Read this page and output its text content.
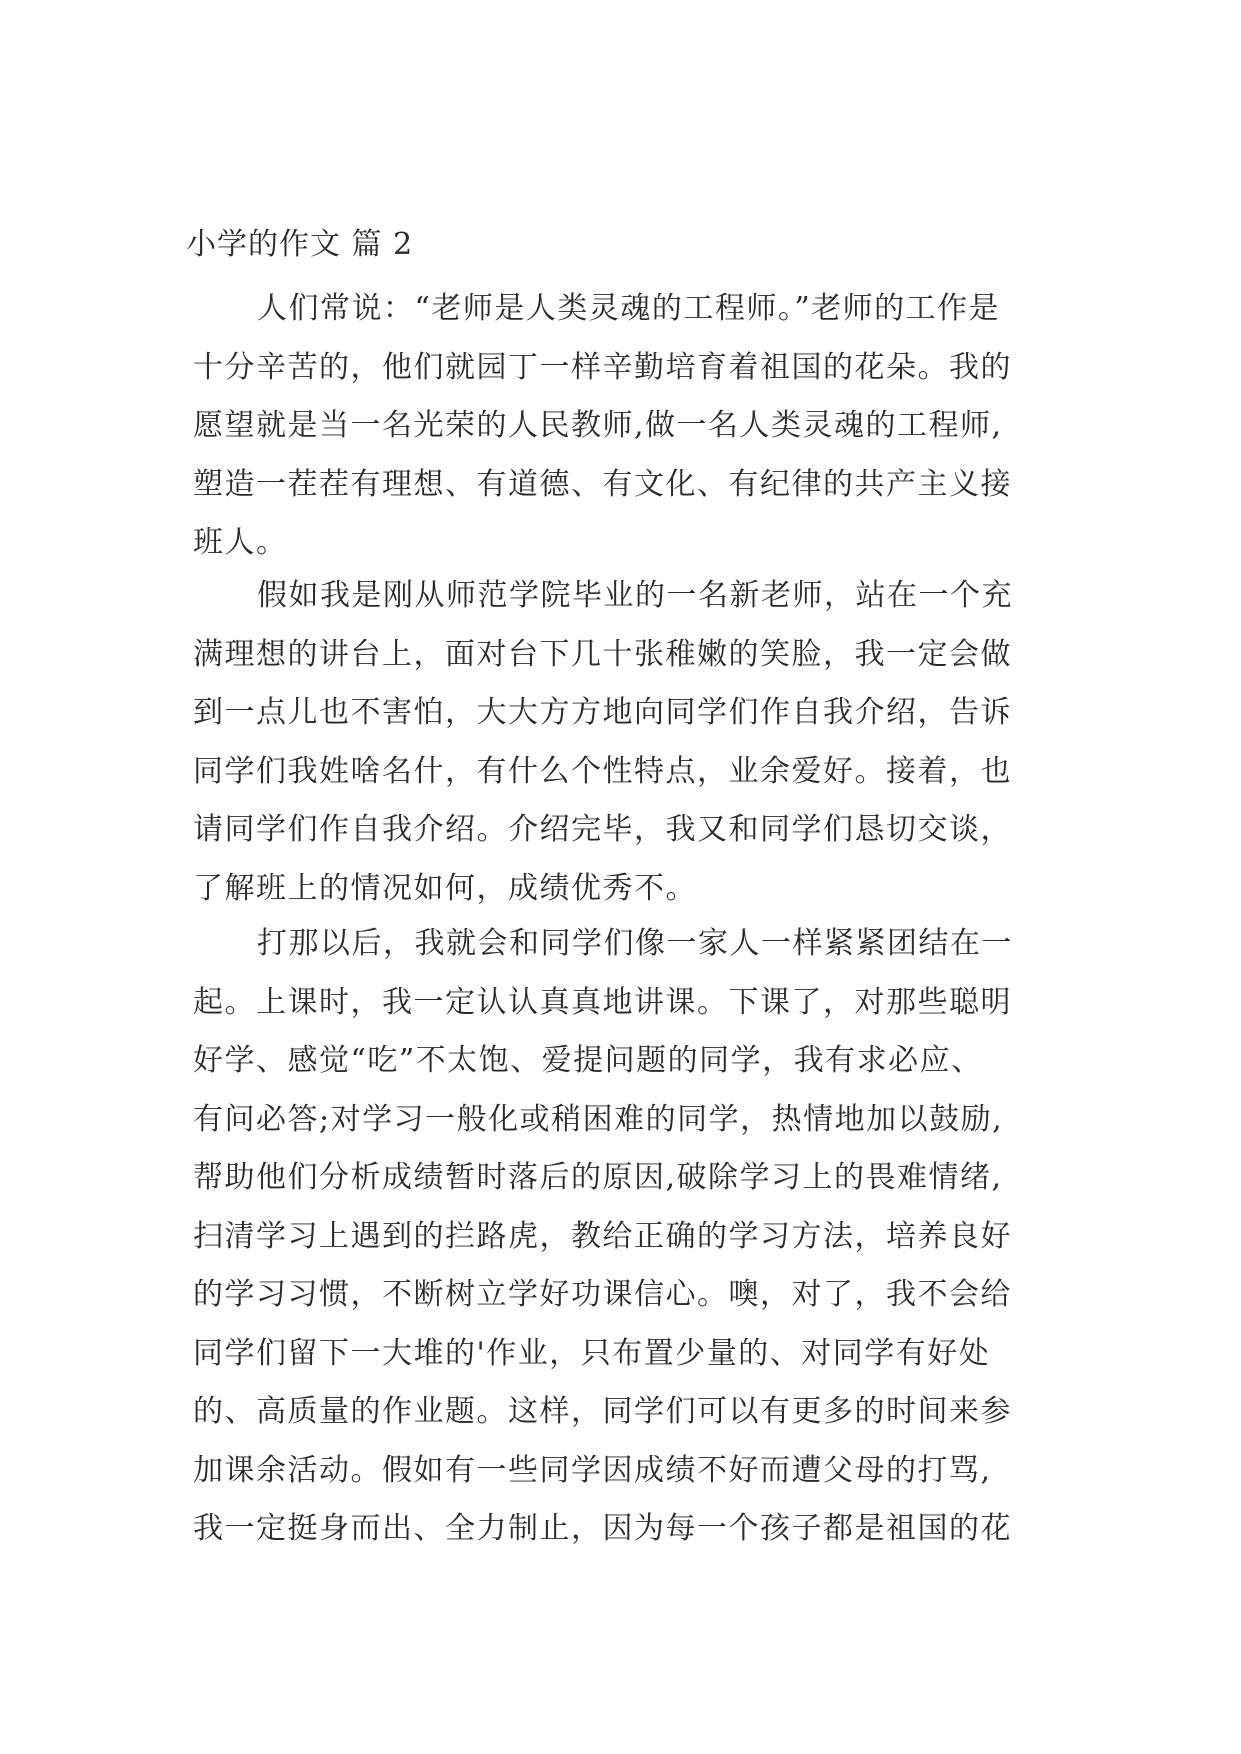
小学的作文 篇 2
人们常说：“老师是人类灵魂的工程师。”老师的工作是
十分辛苦的，他们就园丁一样辛勤培育着祖国的花朵。我的
愿望就是当一名光荣的人民教师,做一名人类灵魂的工程师,
塑造一茬茬有理想、有道德、有文化、有纪律的共产主义接
班人。
假如我是刚从师范学院毕业的一名新老师，站在一个充
满理想的讲台上，面对台下几十张稚嫩的笑脸，我一定会做
到一点儿也不害怕，大大方方地向同学们作自我介绍，告诉
同学们我姓啥名什，有什么个性特点，业余爱好。接着，也
请同学们作自我介绍。介绍完毕，我又和同学们恳切交谈，
了解班上的情况如何，成绩优秀不。
打那以后，我就会和同学们像一家人一样紧紧团结在一
起。上课时，我一定认认真真地讲课。下课了，对那些聪明
好学、感觉“吃”不太饱、爱提问题的同学，我有求必应、
有问必答;对学习一般化或稍困难的同学，热情地加以鼓励,
帮助他们分析成绩暂时落后的原因,破除学习上的畏难情绪,
扫清学习上遇到的拦路虎，教给正确的学习方法，培养良好
的学习习惯，不断树立学好功课信心。噢，对了，我不会给
同学们留下一大堆的'作业，只布置少量的、对同学有好处
的、高质量的作业题。这样，同学们可以有更多的时间来参
加课余活动。假如有一些同学因成绩不好而遭父母的打骂,
我一定挺身而出、全力制止，因为每一个孩子都是祖国的花
